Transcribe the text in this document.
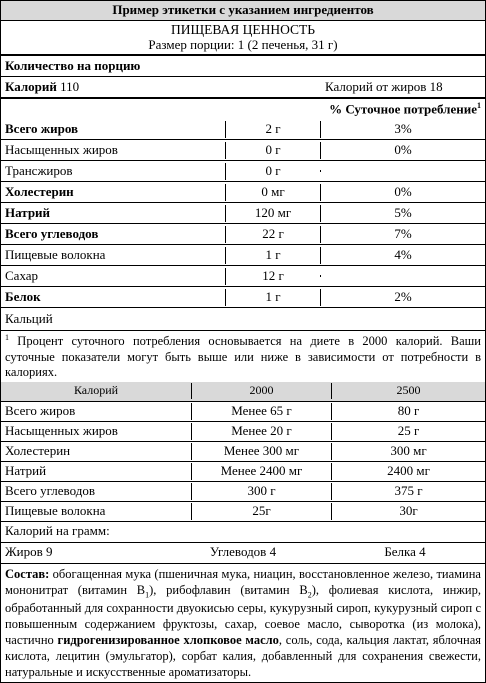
Пример этикетки с указанием ингредиентов
ПИЩЕВАЯ ЦЕННОСТЬ
Размер порции: 1 (2 печенья, 31 г)
Количество на порцию
Калорий 110	Калорий от жиров 18
% Суточное потребление$^1$
Всего жиров	2 г	3%
Насыщенных жиров	0 г	0%
Трансжиров	0 г
Холестерин	0 мг	0%
Натрий	120 мг	5%
Всего углеводов	22 г	7%
Пищевые волокна	1 г	4%
Сахар	12 г
Белок	1 г	2%
Кальций
$^1$ Процент суточного потребления основывается на диете в 2000 калорий. Ваши суточные показатели могут быть выше или ниже в зависимости от потребности в калориях.
Калорий	2000	2500
Всего жиров	Менее 65 г	80 г
Насыщенных жиров	Менее 20 г	25 г
Холестерин	Менее 300 мг	300 мг
Натрий	Менее 2400 мг	2400 мг
Всего углеводов	300 г	375 г
Пищевые волокна	25г	30г
Калорий на грамм:
Жиров 9	Углеводов 4	Белка 4
Состав: обогащенная мука (пшеничная мука, ниацин, восстановленное железо, тиамина мононитрат (витамин $B_1$), рибофлавин (витамин $B_2$), фолиевая кислота, инжир, обработанный для сохранности двуокисью серы, кукурузный сироп, кукурузный сироп с повышенным содержанием фруктозы, сахар, соевое масло, сыворотка (из молока), частично гидрогенизированное хлопковое масло, соль, сода, кальция лактат, яблочная кислота, лецитин (эмульгатор), сорбат калия, добавленный для сохранения свежести, натуральные и искусственные ароматизаторы.
